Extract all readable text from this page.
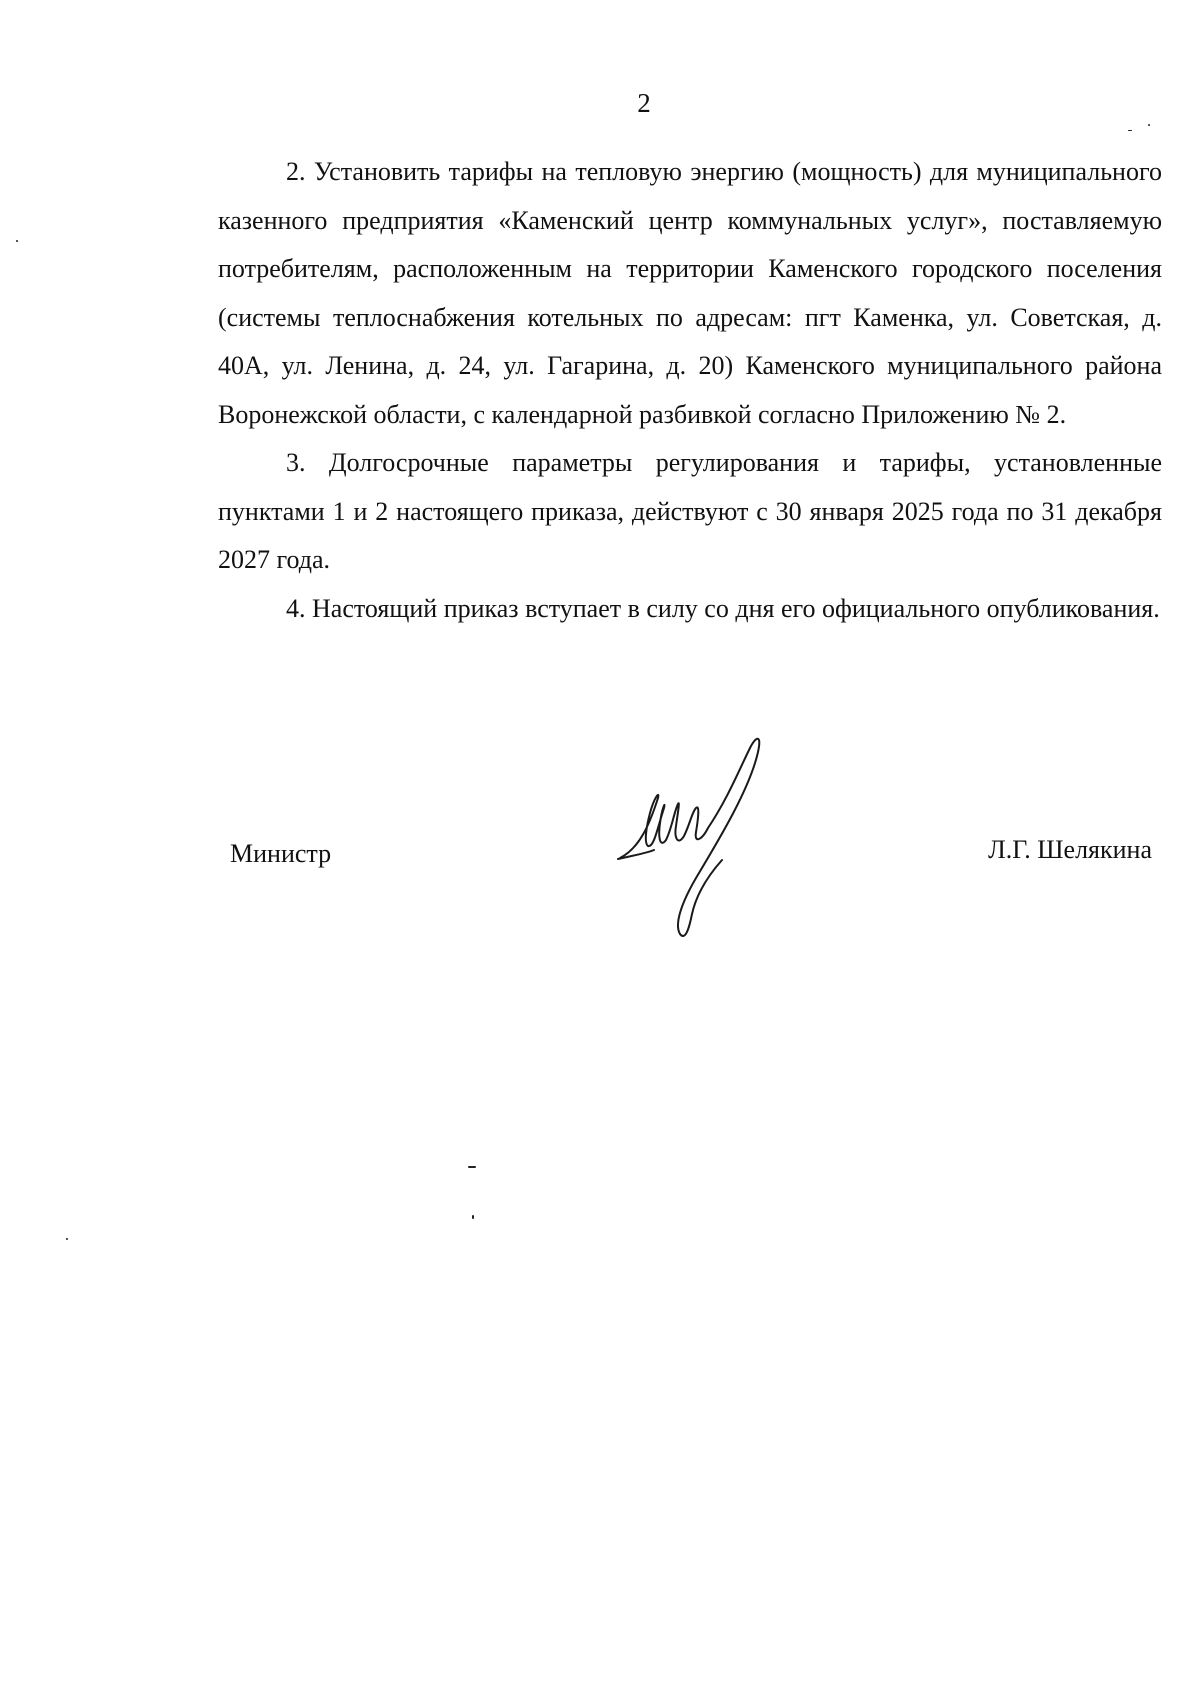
2

2. Установить тарифы на тепловую энергию (мощность) для муниципального казенного предприятия «Каменский центр коммунальных услуг», поставляемую потребителям, расположенным на территории Каменского городского поселения (системы теплоснабжения котельных по адресам: пгт Каменка, ул. Советская, д. 40А, ул. Ленина, д. 24, ул. Гагарина, д. 20) Каменского муниципального района Воронежской области, с календарной разбивкой согласно Приложению № 2.

3. Долгосрочные параметры регулирования и тарифы, установленные пунктами 1 и 2 настоящего приказа, действуют с 30 января 2025 года по 31 декабря 2027 года.

4. Настоящий приказ вступает в силу со дня его официального опубликования.

Министр	Л.Г. Шелякина
